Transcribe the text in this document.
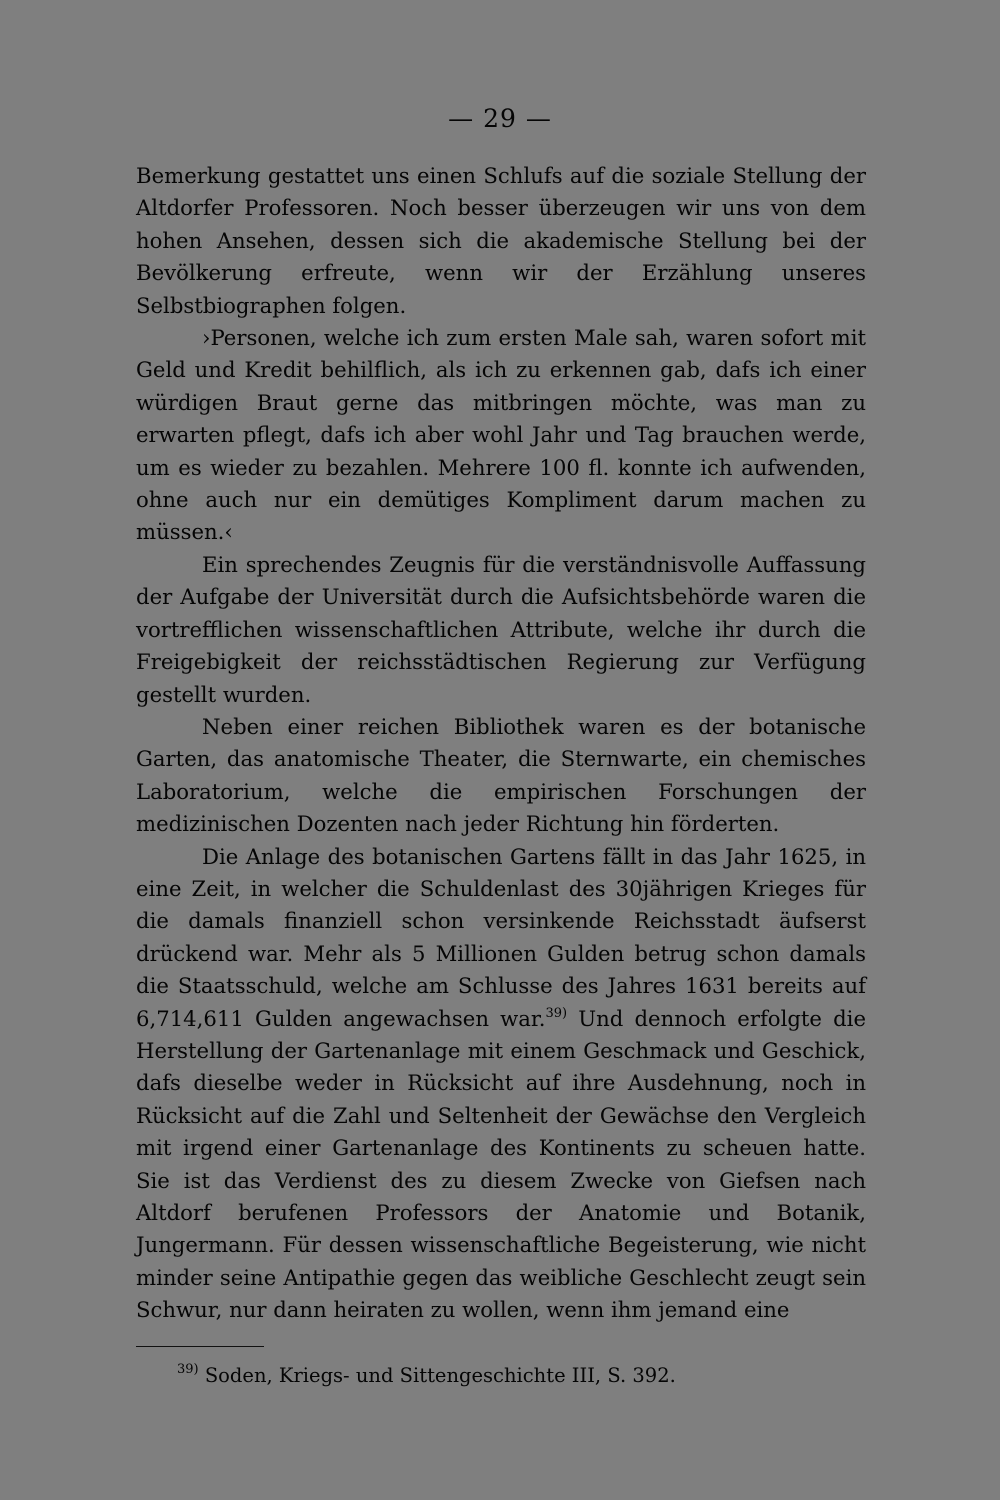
— 29 —

Bemerkung gestattet uns einen Schlufs auf die soziale Stellung der Altdorfer Professoren. Noch besser überzeugen wir uns von dem hohen Ansehen, dessen sich die akademische Stellung bei der Bevölkerung erfreute, wenn wir der Erzählung unseres Selbstbiographen folgen.

›Personen, welche ich zum ersten Male sah, waren sofort mit Geld und Kredit behilflich, als ich zu erkennen gab, dafs ich einer würdigen Braut gerne das mitbringen möchte, was man zu erwarten pflegt, dafs ich aber wohl Jahr und Tag brauchen werde, um es wieder zu bezahlen. Mehrere 100 fl. konnte ich aufwenden, ohne auch nur ein demütiges Kompliment darum machen zu müssen.‹

Ein sprechendes Zeugnis für die verständnisvolle Auffassung der Aufgabe der Universität durch die Aufsichtsbehörde waren die vortrefflichen wissenschaftlichen Attribute, welche ihr durch die Freigebigkeit der reichsstädtischen Regierung zur Verfügung gestellt wurden.

Neben einer reichen Bibliothek waren es der botanische Garten, das anatomische Theater, die Sternwarte, ein chemisches Laboratorium, welche die empirischen Forschungen der medizinischen Dozenten nach jeder Richtung hin förderten.

Die Anlage des botanischen Gartens fällt in das Jahr 1625, in eine Zeit, in welcher die Schuldenlast des 30jährigen Krieges für die damals finanziell schon versinkende Reichsstadt äufserst drückend war. Mehr als 5 Millionen Gulden betrug schon damals die Staatsschuld, welche am Schlusse des Jahres 1631 bereits auf 6,714,611 Gulden angewachsen war.$^{39)}$ Und dennoch erfolgte die Herstellung der Gartenanlage mit einem Geschmack und Geschick, dafs dieselbe weder in Rücksicht auf ihre Ausdehnung, noch in Rücksicht auf die Zahl und Seltenheit der Gewächse den Vergleich mit irgend einer Gartenanlage des Kontinents zu scheuen hatte. Sie ist das Verdienst des zu diesem Zwecke von Giefsen nach Altdorf berufenen Professors der Anatomie und Botanik, Jungermann. Für dessen wissenschaftliche Begeisterung, wie nicht minder seine Antipathie gegen das weibliche Geschlecht zeugt sein Schwur, nur dann heiraten zu wollen, wenn ihm jemand eine

$^{39)}$ Soden, Kriegs- und Sittengeschichte III, S. 392.
